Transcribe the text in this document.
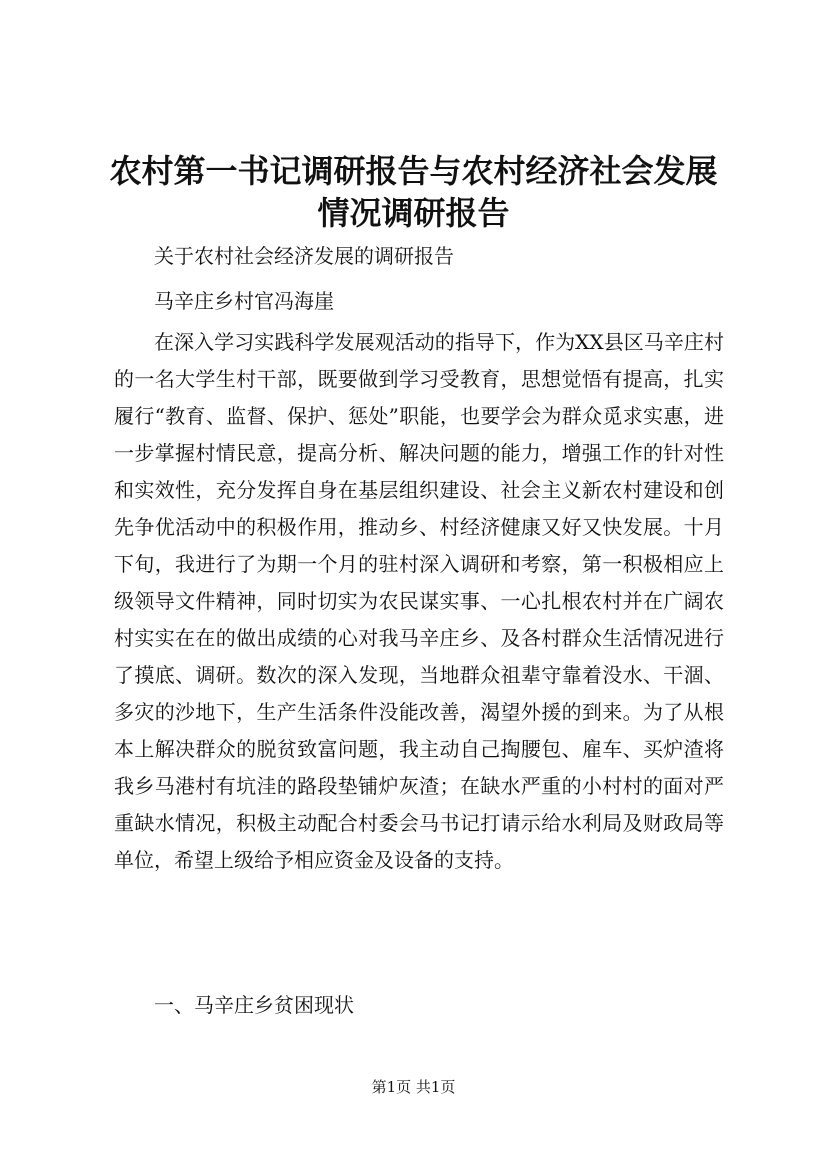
农村第一书记调研报告与农村经济社会发展情况调研报告

关于农村社会经济发展的调研报告

马辛庄乡村官冯海崖

在深入学习实践科学发展观活动的指导下，作为XX县区马辛庄村的一名大学生村干部，既要做到学习受教育，思想觉悟有提高，扎实履行“教育、监督、保护、惩处”职能，也要学会为群众觅求实惠，进一步掌握村情民意，提高分析、解决问题的能力，增强工作的针对性和实效性，充分发挥自身在基层组织建设、社会主义新农村建设和创先争优活动中的积极作用，推动乡、村经济健康又好又快发展。十月下旬，我进行了为期一个月的驻村深入调研和考察，第一积极相应上级领导文件精神，同时切实为农民谋实事、一心扎根农村并在广阔农村实实在在的做出成绩的心对我马辛庄乡、及各村群众生活情况进行了摸底、调研。数次的深入发现，当地群众祖辈守靠着没水、干涸、多灾的沙地下，生产生活条件没能改善，渴望外援的到来。为了从根本上解决群众的脱贫致富问题，我主动自己掏腰包、雇车、买炉渣将我乡马港村有坑洼的路段垫铺炉灰渣；在缺水严重的小村村的面对严重缺水情况，积极主动配合村委会马书记打请示给水利局及财政局等单位，希望上级给予相应资金及设备的支持。

一、马辛庄乡贫困现状

第1页 共1页
